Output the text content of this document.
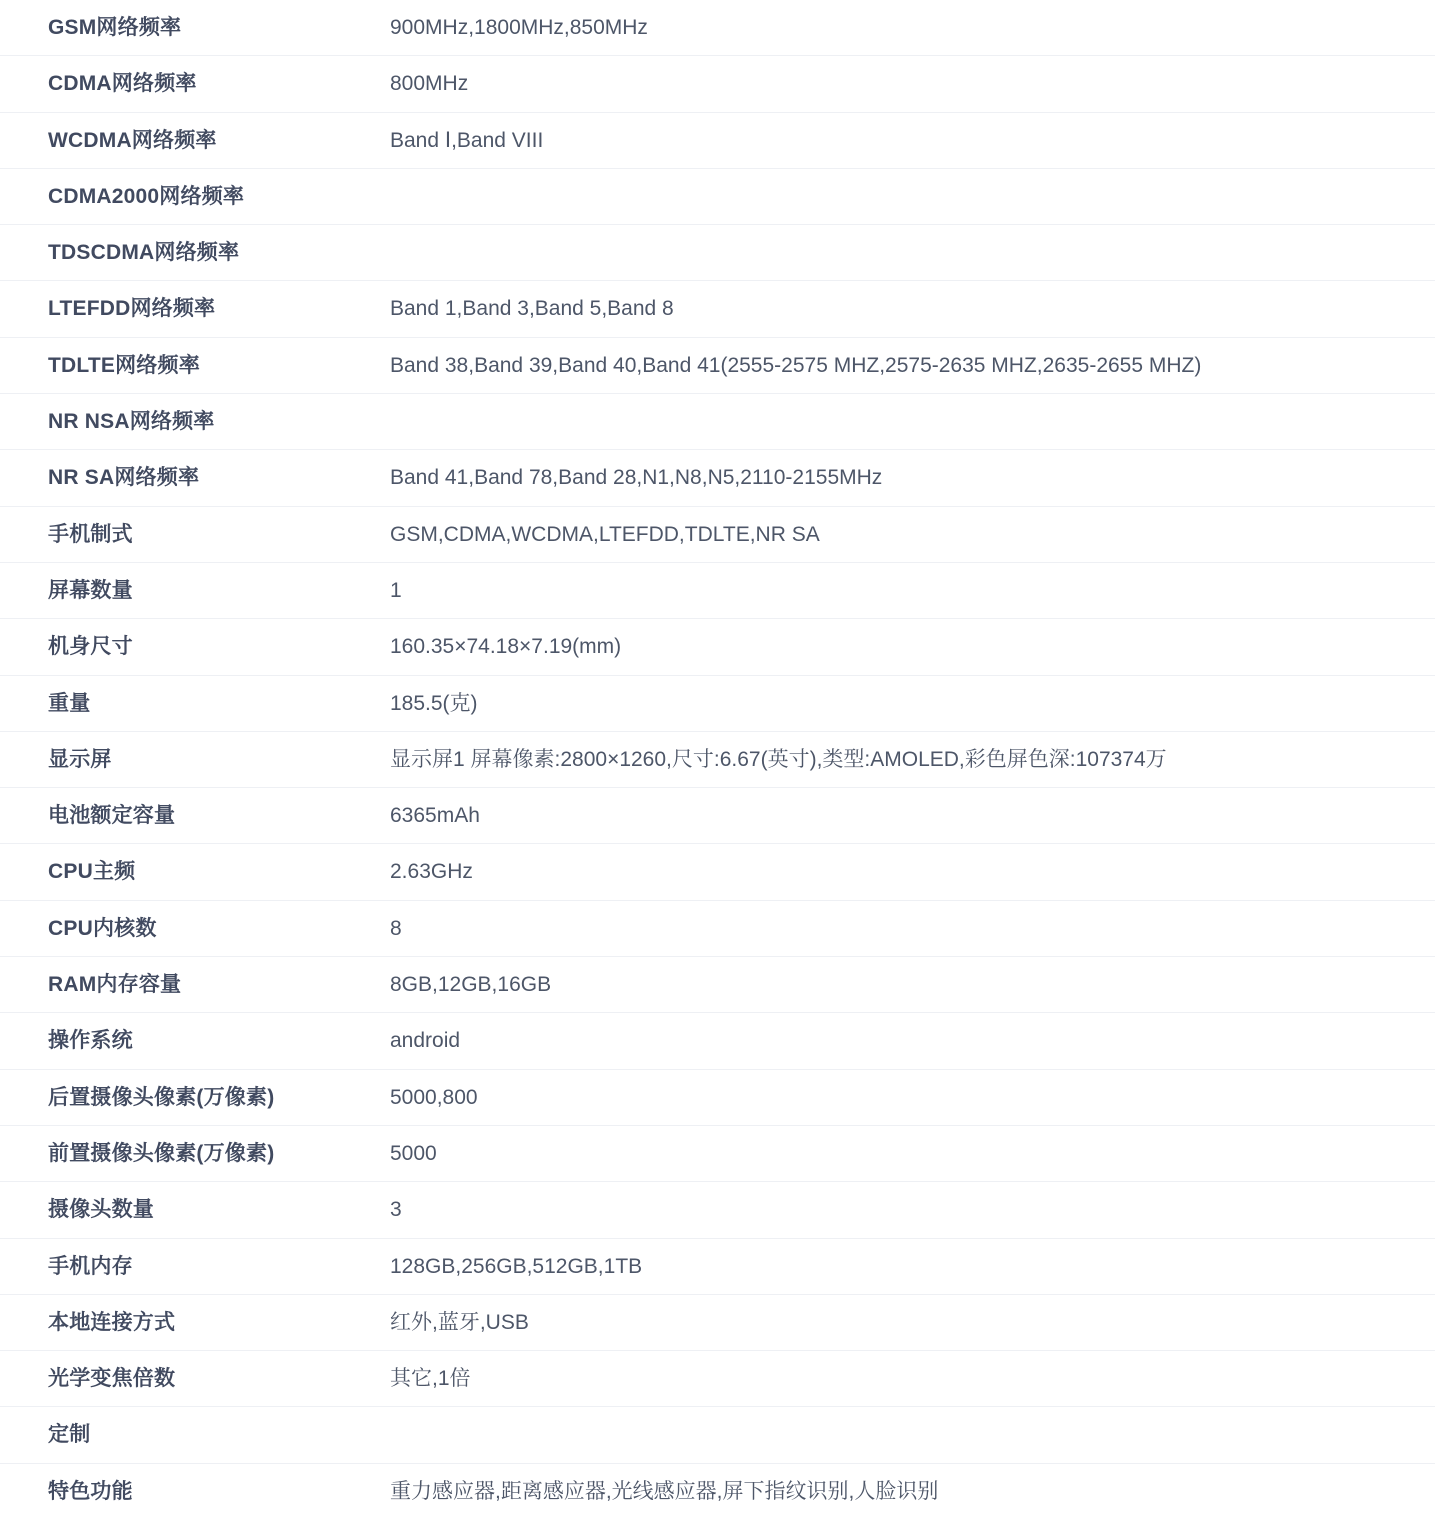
GSM网络频率	900MHz,1800MHz,850MHz
CDMA网络频率	800MHz
WCDMA网络频率	Band Ⅰ,Band VIII
CDMA2000网络频率
TDSCDMA网络频率
LTEFDD网络频率	Band 1,Band 3,Band 5,Band 8
TDLTE网络频率	Band 38,Band 39,Band 40,Band 41(2555-2575 MHZ,2575-2635 MHZ,2635-2655 MHZ)
NR NSA网络频率
NR SA网络频率	Band 41,Band 78,Band 28,N1,N8,N5,2110-2155MHz
手机制式	GSM,CDMA,WCDMA,LTEFDD,TDLTE,NR SA
屏幕数量	1
机身尺寸	160.35×74.18×7.19(mm)
重量	185.5(克)
显示屏	显示屏1 屏幕像素:2800×1260,尺寸:6.67(英寸),类型:AMOLED,彩色屏色深:107374万
电池额定容量	6365mAh
CPU主频	2.63GHz
CPU内核数	8
RAM内存容量	8GB,12GB,16GB
操作系统	android
后置摄像头像素(万像素)	5000,800
前置摄像头像素(万像素)	5000
摄像头数量	3
手机内存	128GB,256GB,512GB,1TB
本地连接方式	红外,蓝牙,USB
光学变焦倍数	其它,1倍
定制
特色功能	重力感应器,距离感应器,光线感应器,屏下指纹识别,人脸识别
